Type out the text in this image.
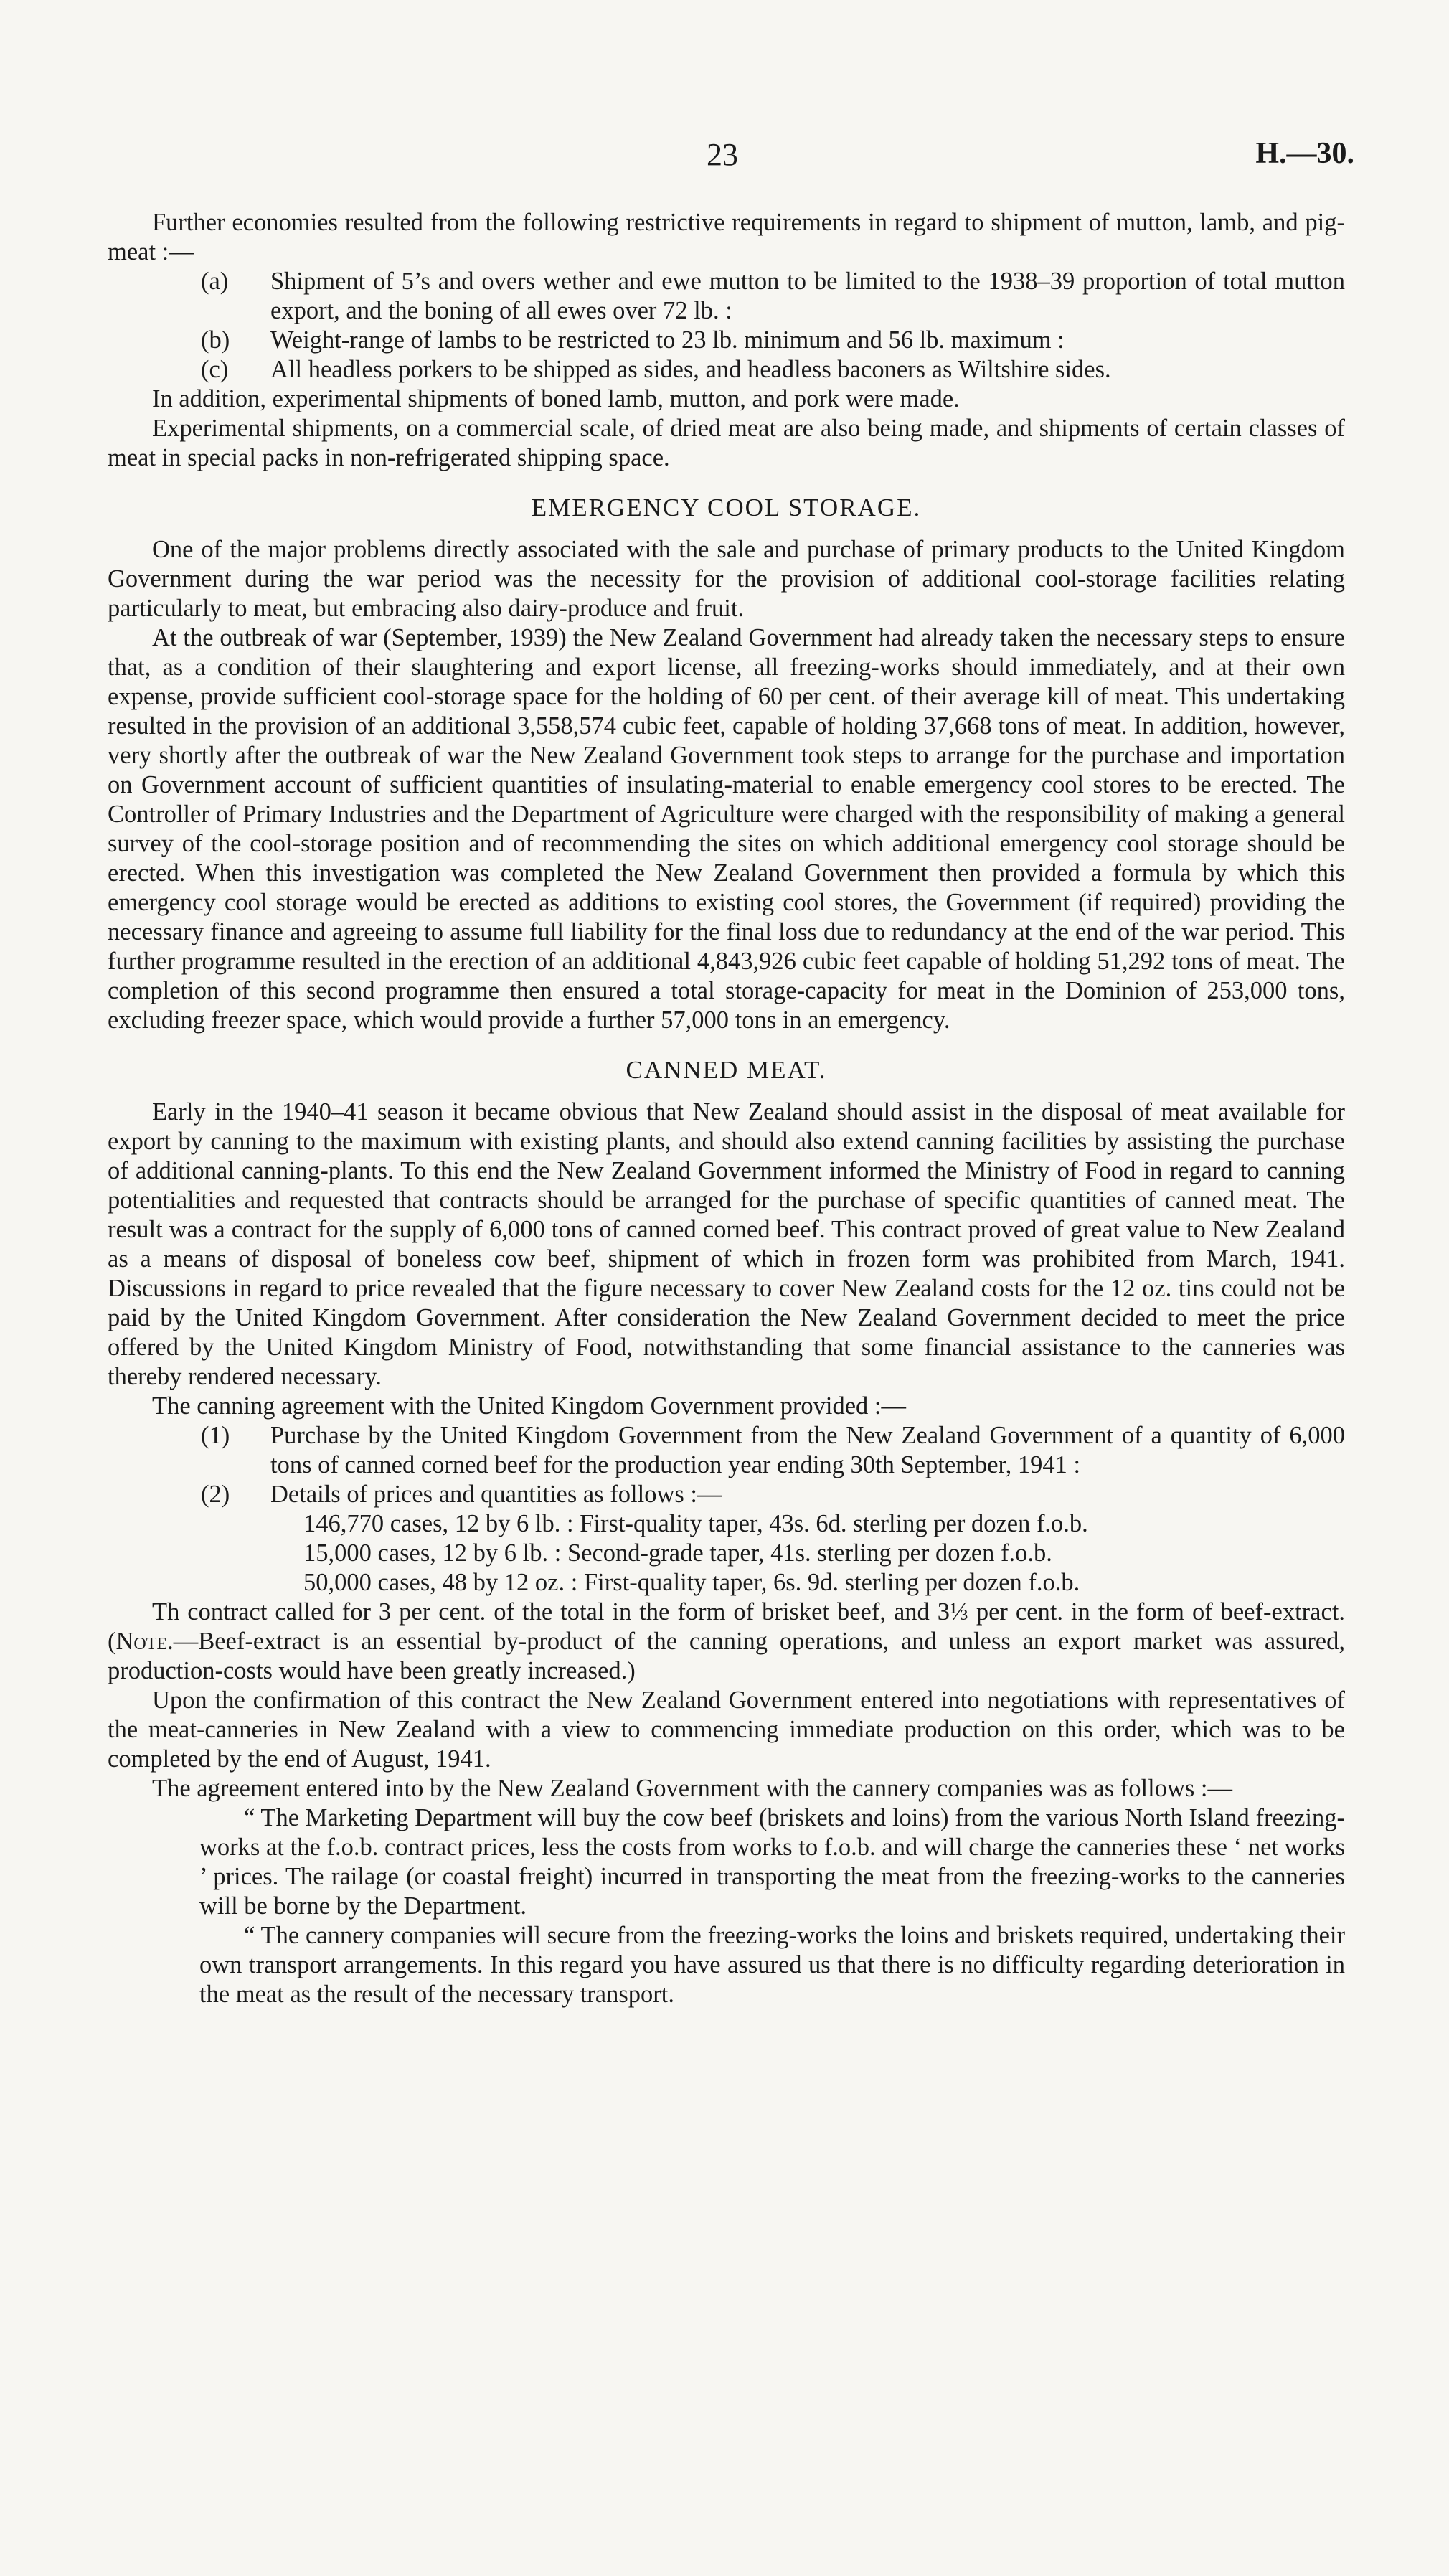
23	H.—30.

Further economies resulted from the following restrictive requirements in regard to shipment of mutton, lamb, and pig-meat :—

(a) Shipment of 5’s and overs wether and ewe mutton to be limited to the 1938–39 proportion of total mutton export, and the boning of all ewes over 72 lb. :
(b) Weight-range of lambs to be restricted to 23 lb. minimum and 56 lb. maximum :
(c) All headless porkers to be shipped as sides, and headless baconers as Wiltshire sides.

In addition, experimental shipments of boned lamb, mutton, and pork were made.

Experimental shipments, on a commercial scale, of dried meat are also being made, and shipments of certain classes of meat in special packs in non-refrigerated shipping space.

EMERGENCY COOL STORAGE.

One of the major problems directly associated with the sale and purchase of primary products to the United Kingdom Government during the war period was the necessity for the provision of additional cool-storage facilities relating particularly to meat, but embracing also dairy-produce and fruit.

At the outbreak of war (September, 1939) the New Zealand Government had already taken the necessary steps to ensure that, as a condition of their slaughtering and export license, all freezing-works should immediately, and at their own expense, provide sufficient cool-storage space for the holding of 60 per cent. of their average kill of meat. This undertaking resulted in the provision of an additional 3,558,574 cubic feet, capable of holding 37,668 tons of meat. In addition, however, very shortly after the outbreak of war the New Zealand Government took steps to arrange for the purchase and importation on Government account of sufficient quantities of insulating-material to enable emergency cool stores to be erected. The Controller of Primary Industries and the Department of Agriculture were charged with the responsibility of making a general survey of the cool-storage position and of recommending the sites on which additional emergency cool storage should be erected. When this investigation was completed the New Zealand Government then provided a formula by which this emergency cool storage would be erected as additions to existing cool stores, the Government (if required) providing the necessary finance and agreeing to assume full liability for the final loss due to redundancy at the end of the war period. This further programme resulted in the erection of an additional 4,843,926 cubic feet capable of holding 51,292 tons of meat. The completion of this second programme then ensured a total storage-capacity for meat in the Dominion of 253,000 tons, excluding freezer space, which would provide a further 57,000 tons in an emergency.

CANNED MEAT.

Early in the 1940–41 season it became obvious that New Zealand should assist in the disposal of meat available for export by canning to the maximum with existing plants, and should also extend canning facilities by assisting the purchase of additional canning-plants. To this end the New Zealand Government informed the Ministry of Food in regard to canning potentialities and requested that contracts should be arranged for the purchase of specific quantities of canned meat. The result was a contract for the supply of 6,000 tons of canned corned beef. This contract proved of great value to New Zealand as a means of disposal of boneless cow beef, shipment of which in frozen form was prohibited from March, 1941. Discussions in regard to price revealed that the figure necessary to cover New Zealand costs for the 12 oz. tins could not be paid by the United Kingdom Government. After consideration the New Zealand Government decided to meet the price offered by the United Kingdom Ministry of Food, notwithstanding that some financial assistance to the canneries was thereby rendered necessary.

The canning agreement with the United Kingdom Government provided :—

(1) Purchase by the United Kingdom Government from the New Zealand Government of a quantity of 6,000 tons of canned corned beef for the production year ending 30th September, 1941 :
(2) Details of prices and quantities as follows :—
146,770 cases, 12 by 6 lb. : First-quality taper, 43s. 6d. sterling per dozen f.o.b.
15,000 cases, 12 by 6 lb. : Second-grade taper, 41s. sterling per dozen f.o.b.
50,000 cases, 48 by 12 oz. : First-quality taper, 6s. 9d. sterling per dozen f.o.b.

Th contract called for 3 per cent. of the total in the form of brisket beef, and 3⅓ per cent. in the form of beef-extract. (Note.—Beef-extract is an essential by-product of the canning operations, and unless an export market was assured, production-costs would have been greatly increased.)

Upon the confirmation of this contract the New Zealand Government entered into negotiations with representatives of the meat-canneries in New Zealand with a view to commencing immediate production on this order, which was to be completed by the end of August, 1941.

The agreement entered into by the New Zealand Government with the cannery companies was as follows :—

“ The Marketing Department will buy the cow beef (briskets and loins) from the various North Island freezing-works at the f.o.b. contract prices, less the costs from works to f.o.b. and will charge the canneries these ‘ net works ’ prices. The railage (or coastal freight) incurred in transporting the meat from the freezing-works to the canneries will be borne by the Department.

“ The cannery companies will secure from the freezing-works the loins and briskets required, undertaking their own transport arrangements. In this regard you have assured us that there is no difficulty regarding deterioration in the meat as the result of the necessary transport.
